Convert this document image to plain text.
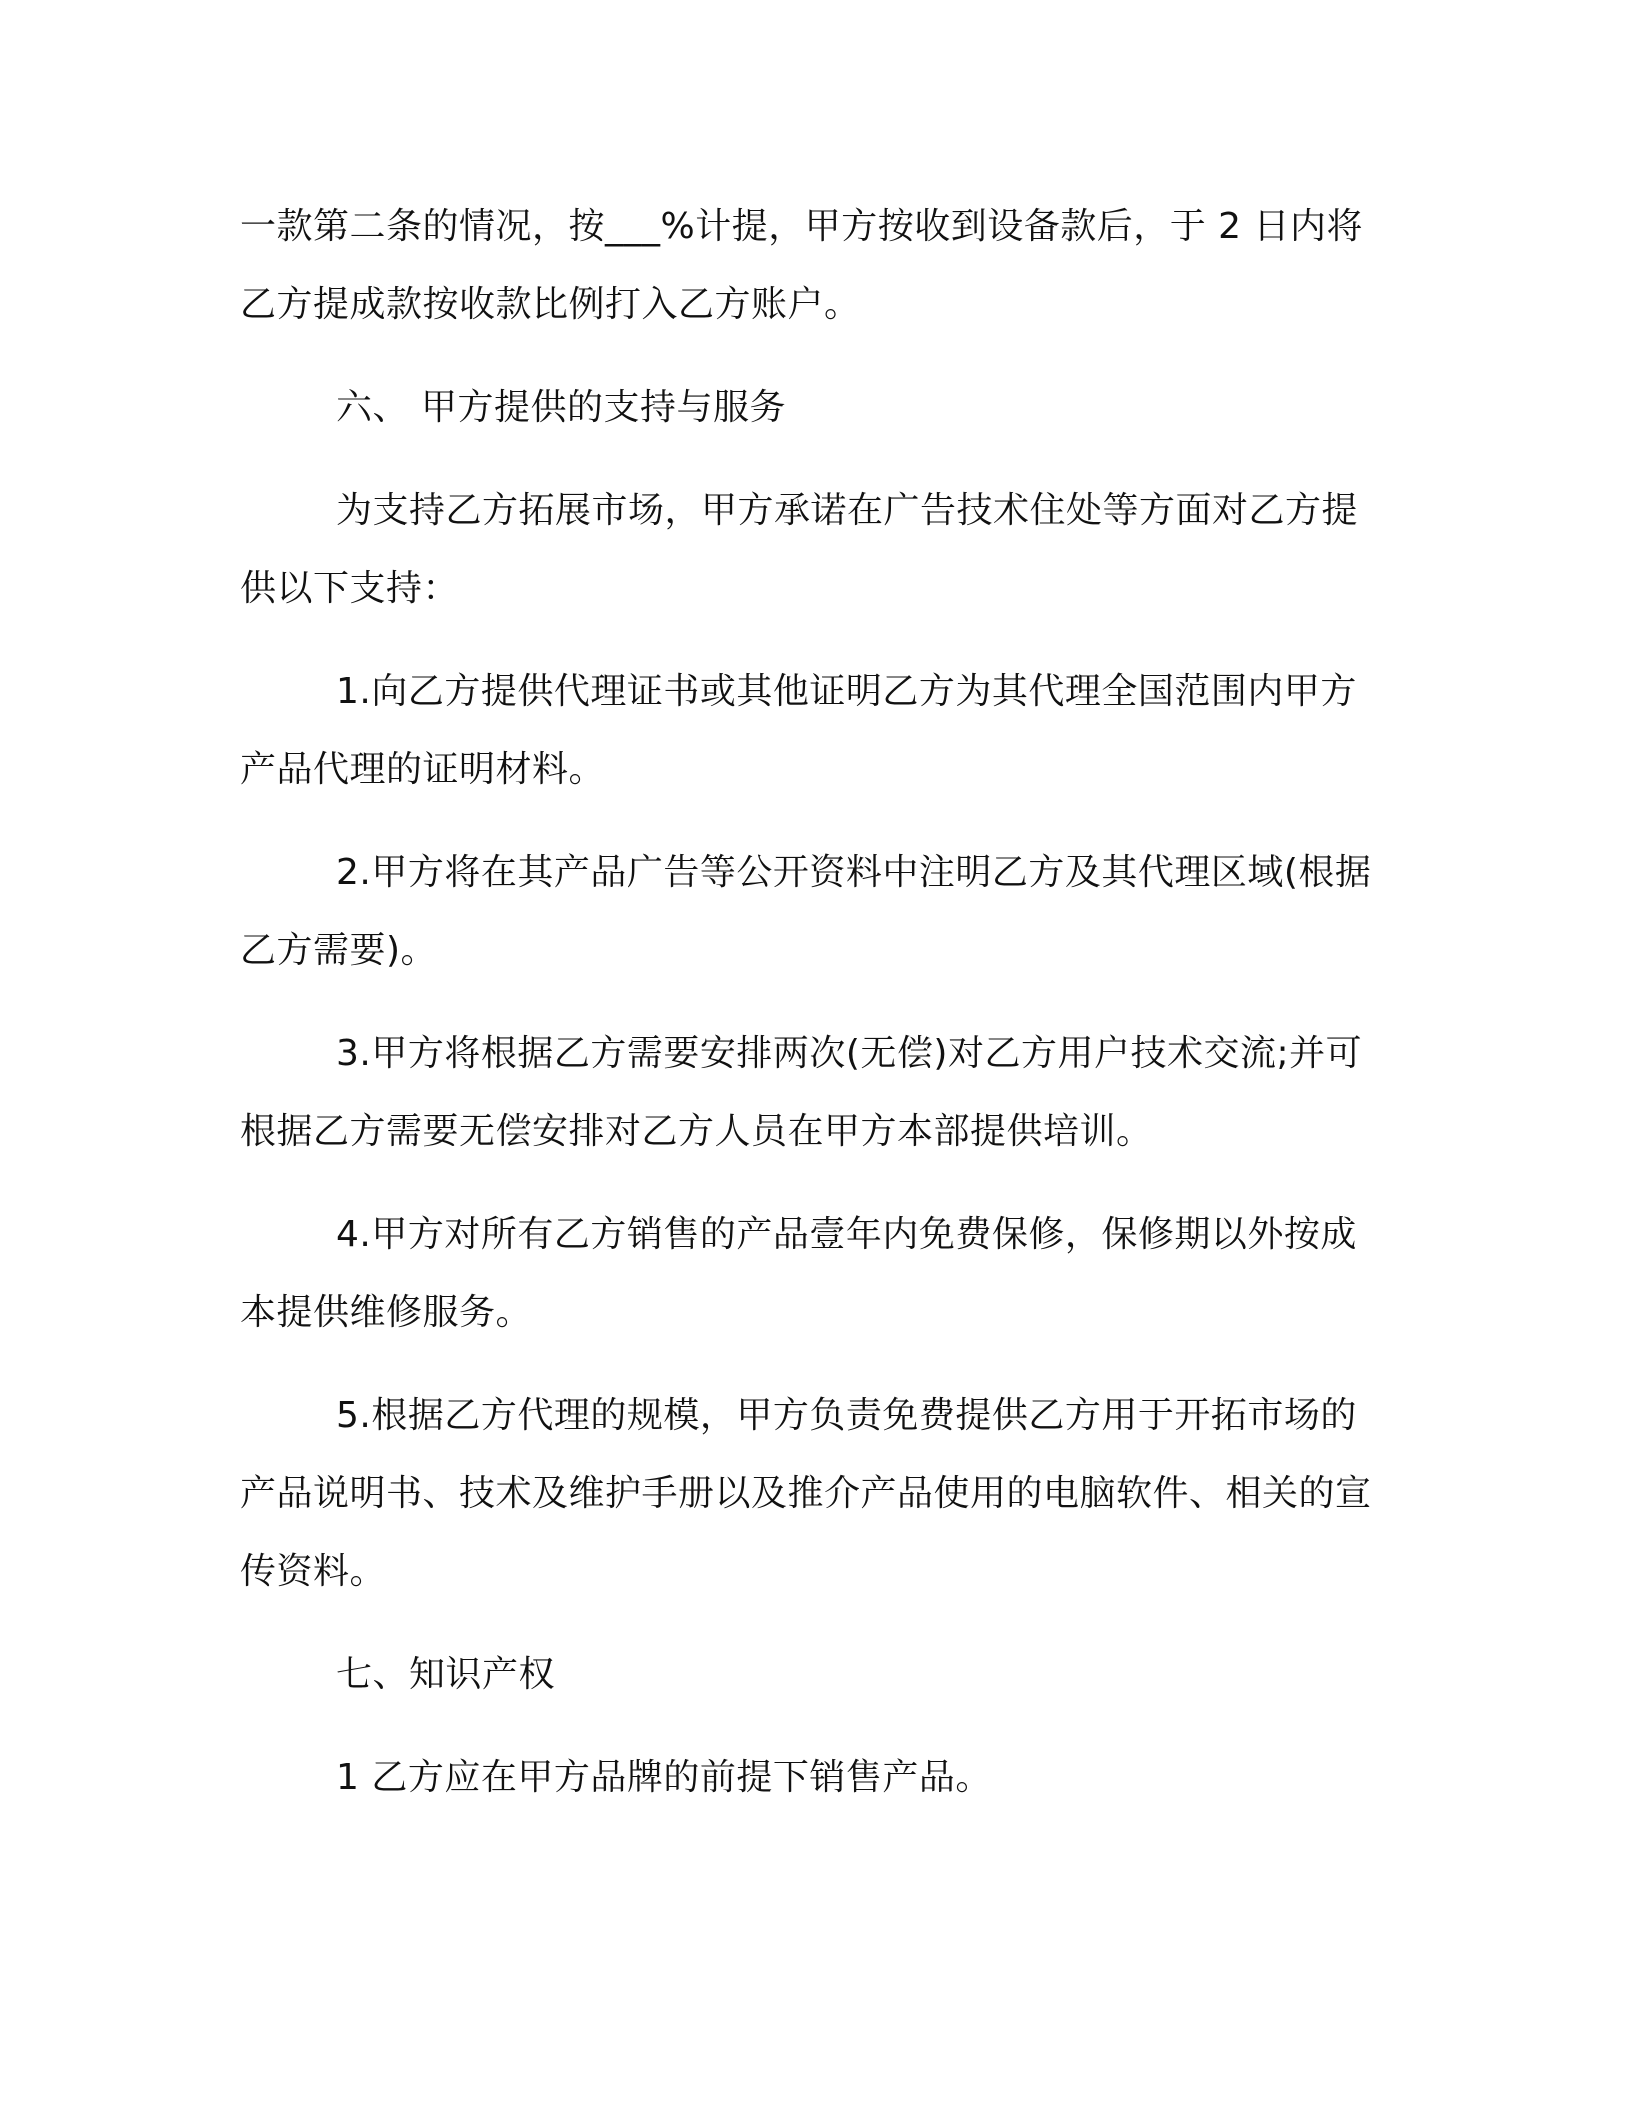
一款第二条的情况，按___%计提，甲方按收到设备款后，于 2 日内将乙方提成款按收款比例打入乙方账户。

六、 甲方提供的支持与服务

为支持乙方拓展市场，甲方承诺在广告技术住处等方面对乙方提供以下支持：

1.向乙方提供代理证书或其他证明乙方为其代理全国范围内甲方产品代理的证明材料。

2.甲方将在其产品广告等公开资料中注明乙方及其代理区域(根据乙方需要)。

3.甲方将根据乙方需要安排两次(无偿)对乙方用户技术交流;并可根据乙方需要无偿安排对乙方人员在甲方本部提供培训。

4.甲方对所有乙方销售的产品壹年内免费保修，保修期以外按成本提供维修服务。

5.根据乙方代理的规模，甲方负责免费提供乙方用于开拓市场的产品说明书、技术及维护手册以及推介产品使用的电脑软件、相关的宣传资料。

七、知识产权

1 乙方应在甲方品牌的前提下销售产品。
